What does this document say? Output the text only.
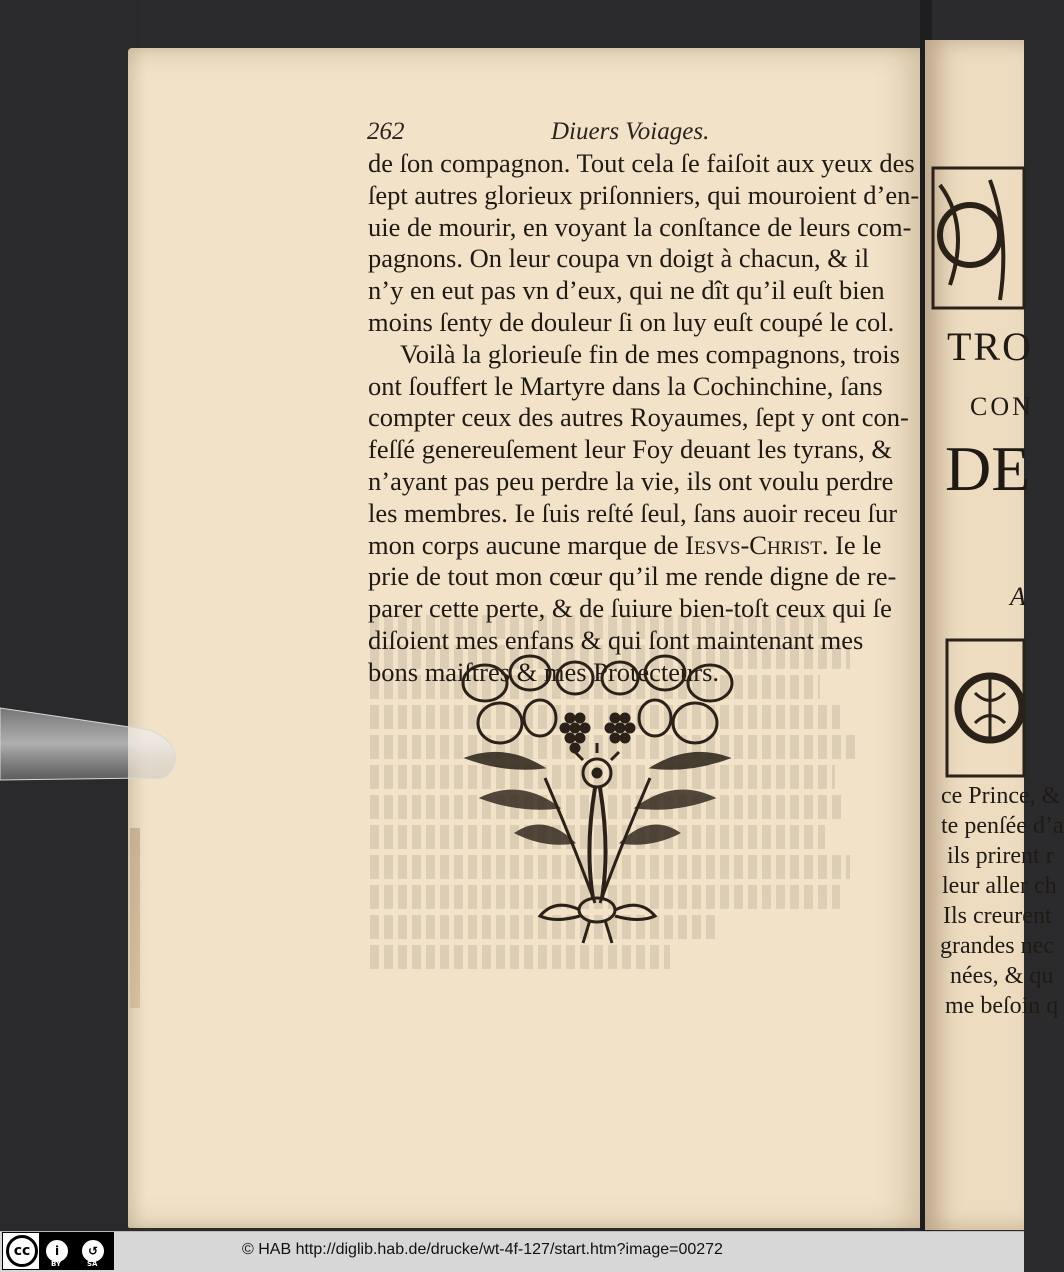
262	Diuers Voiages.
de ſon compagnon. Tout cela ſe faiſoit aux yeux des
ſept autres glorieux priſonniers, qui mouroient d’en-
uie de mourir, en voyant la conſtance de leurs com-
pagnons. On leur coupa vn doigt à chacun, & il
n’y en eut pas vn d’eux, qui ne dît qu’il euſt bien
moins ſenty de douleur ſi on luy euſt coupé le col.
Voilà la glorieuſe fin de mes compagnons, trois
ont ſouffert le Martyre dans la Cochinchine, ſans
compter ceux des autres Royaumes, ſept y ont con-
feſſé genereuſement leur Foy deuant les tyrans, &
n’ayant pas peu perdre la vie, ils ont voulu perdre
les membres. Ie ſuis reſté ſeul, ſans auoir receu ſur
mon corps aucune marque de Iesvs-Christ. Ie le
prie de tout mon cœur qu’il me rende digne de re-
parer cette perte, & de ſuiure bien-toſt ceux qui ſe
diſoient mes enfans & qui ſont maintenant mes
bons maiſtres & mes Protecteurs.
TRO
CON
DE
A
ce Prince, &
te penſée d’a
ils prirent r
leur aller ch
Ils creurent
grandes nec
nées, & qu
me beſoin q
cc	i	↺
BY	SA
© HAB http://diglib.hab.de/drucke/wt-4f-127/start.htm?image=00272
